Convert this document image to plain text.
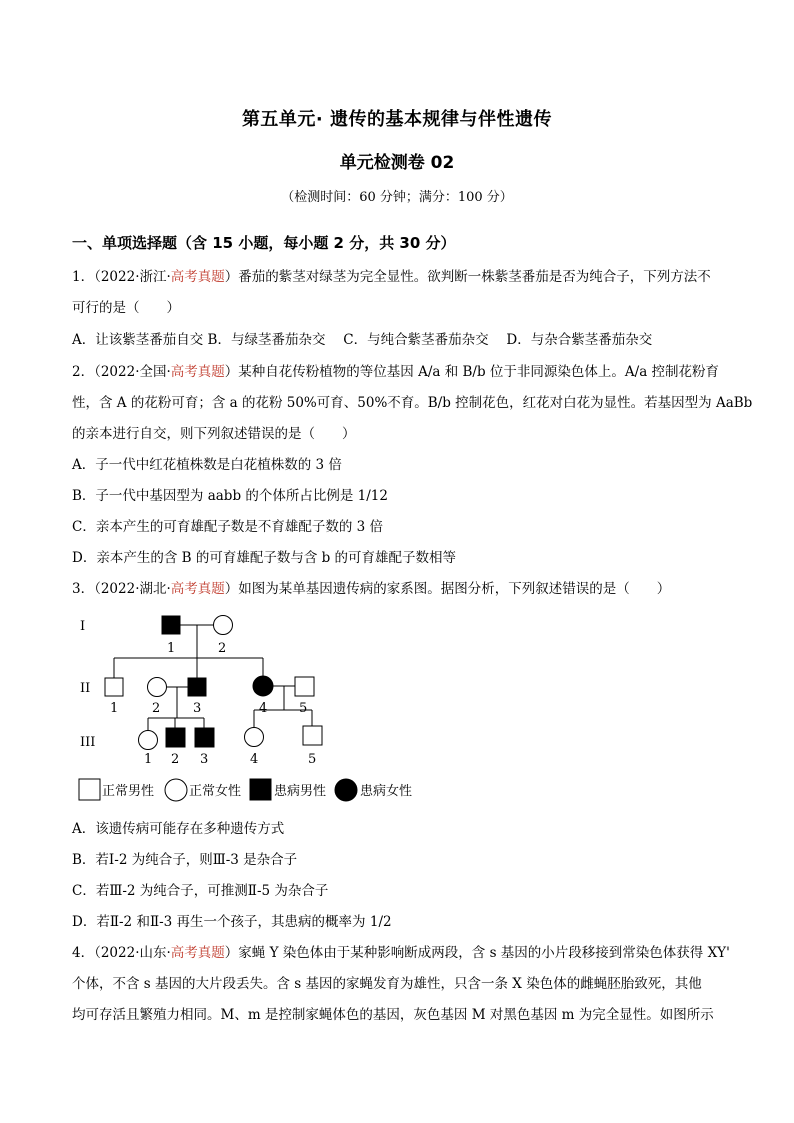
第五单元· 遗传的基本规律与伴性遗传
单元检测卷 02
（检测时间：60 分钟；满分：100 分）
一、单项选择题（含 15 小题，每小题 2 分，共 30 分）
1．（2022·浙江·高考真题）番茄的紫茎对绿茎为完全显性。欲判断一株紫茎番茄是否为纯合子，下列方法不
可行的是（　　）
A．让该紫茎番茄自交 B．与绿茎番茄杂交　 C．与纯合紫茎番茄杂交　 D．与杂合紫茎番茄杂交
2．（2022·全国·高考真题）某种自花传粉植物的等位基因 A/a 和 B/b 位于非同源染色体上。A/a 控制花粉育
性，含 A 的花粉可育；含 a 的花粉 50%可育、50%不育。B/b 控制花色，红花对白花为显性。若基因型为 AaBb
的亲本进行自交，则下列叙述错误的是（　　）
A．子一代中红花植株数是白花植株数的 3 倍
B．子一代中基因型为 aabb 的个体所占比例是 1/12
C．亲本产生的可育雄配子数是不育雄配子数的 3 倍
D．亲本产生的含 B 的可育雄配子数与含 b 的可育雄配子数相等
3．（2022·湖北·高考真题）如图为某单基因遗传病的家系图。据图分析，下列叙述错误的是（　　）
I
II
III
1	2
1	2	3	4 5
1 2 3	4	5
正常男性	正常女性	患病男性	患病女性
A．该遗传病可能存在多种遗传方式
B．若Ⅰ-2 为纯合子，则Ⅲ-3 是杂合子
C．若Ⅲ-2 为纯合子，可推测Ⅱ-5 为杂合子
D．若Ⅱ-2 和Ⅱ-3 再生一个孩子，其患病的概率为 1/2
4．（2022·山东·高考真题）家蝇 Y 染色体由于某种影响断成两段，含 s 基因的小片段移接到常染色体获得 XY'
个体，不含 s 基因的大片段丢失。含 s 基因的家蝇发育为雄性，只含一条 X 染色体的雌蝇胚胎致死，其他
均可存活且繁殖力相同。M、m 是控制家蝇体色的基因，灰色基因 M 对黑色基因 m 为完全显性。如图所示
